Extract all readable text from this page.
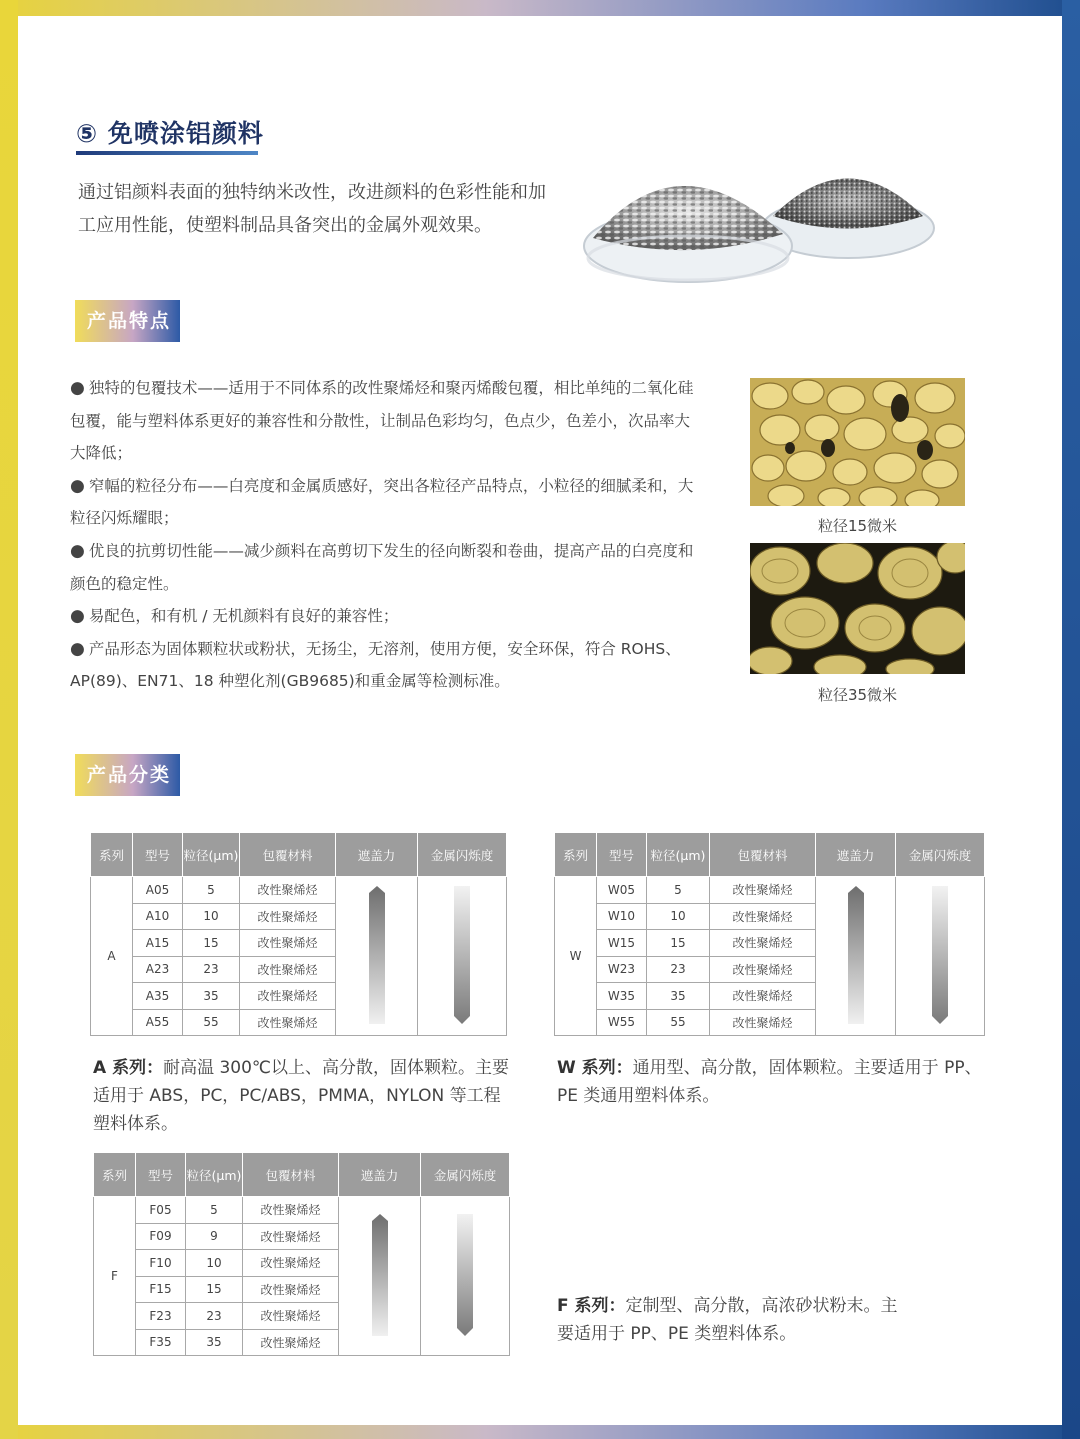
⑤ 免喷涂铝颜料
通过铝颜料表面的独特纳米改性，改进颜料的色彩性能和加工应用性能，使塑料制品具备突出的金属外观效果。
产品特点

● 独特的包覆技术——适用于不同体系的改性聚烯烃和聚丙烯酸包覆，相比单纯的二氧化硅包覆，能与塑料体系更好的兼容性和分散性，让制品色彩均匀，色点少，色差小，次品率大大降低；

● 窄幅的粒径分布——白亮度和金属质感好，突出各粒径产品特点，小粒径的细腻柔和，大粒径闪烁耀眼；

● 优良的抗剪切性能——减少颜料在高剪切下发生的径向断裂和卷曲，提高产品的白亮度和颜色的稳定性。

● 易配色，和有机 / 无机颜料有良好的兼容性；

● 产品形态为固体颗粒状或粉状，无扬尘，无溶剂，使用方便，安全环保，符合 ROHS、AP(89)、EN71、18 种塑化剂(GB9685)和重金属等检测标准。

粒径15微米
粒径35微米
产品分类
系列	型号	粒径(μm)	包覆材料	遮盖力	金属闪烁度
A	A05	5	改性聚烯烃		
	A10	10	改性聚烯烃		
	A15	15	改性聚烯烃		
	A23	23	改性聚烯烃		
	A35	35	改性聚烯烃		
	A55	55	改性聚烯烃		
系列	型号	粒径(μm)	包覆材料	遮盖力	金属闪烁度
W	W05	5	改性聚烯烃		
	W10	10	改性聚烯烃		
	W15	15	改性聚烯烃		
	W23	23	改性聚烯烃		
	W35	35	改性聚烯烃		
	W55	55	改性聚烯烃		
A 系列：耐高温 300℃以上、高分散，固体颗粒。主要适用于 ABS，PC，PC/ABS，PMMA，NYLON 等工程塑料体系。
W 系列：通用型、高分散，固体颗粒。主要适用于 PP、PE 类通用塑料体系。
系列	型号	粒径(μm)	包覆材料	遮盖力	金属闪烁度
F	F05	5	改性聚烯烃		
	F09	9	改性聚烯烃		
	F10	10	改性聚烯烃		
	F15	15	改性聚烯烃		
	F23	23	改性聚烯烃		
	F35	35	改性聚烯烃		
F 系列：定制型、高分散，高浓砂状粉末。主要适用于 PP、PE 类塑料体系。
